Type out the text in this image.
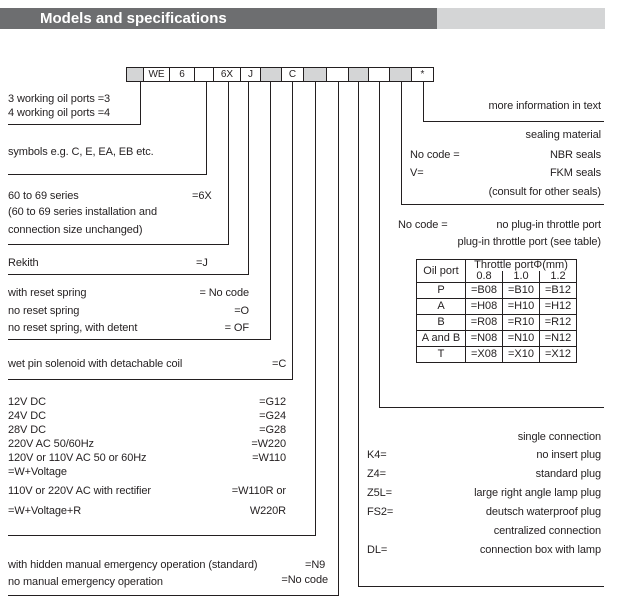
Models and specifications
WE	6	6X	J	C	*
more information in text
sealing material
No code =	NBR seals
V=	FKM seals
(consult for other seals)
No code =	no plug-in throttle port
plug-in throttle port (see table)
Oil port	Throttle portΦ(mm)		
	0.8	1.0	1.2
P	=B08	=B10	=B12
A	=H08	=H10	=H12
B	=R08	=R10	=R12
A and B	=N08	=N10	=N12
T	=X08	=X10	=X12
single connection
K4=	no insert plug
Z4=	standard plug
Z5L=	large right angle lamp plug
FS2=	deutsch waterproof plug
centralized connection
DL=	connection box with lamp
3 working oil ports =3
4 working oil ports =4
symbols e.g. C, E, EA, EB etc.
60 to 69 series	=6X
(60 to 69 series installation and
connection size unchanged)
Rekith	=J
with reset spring	= No code
no reset spring	=O
no reset spring, with detent	= OF
wet pin solenoid with detachable coil	=C
12V DC	=G12
24V DC	=G24
28V DC	=G28
220V AC 50/60Hz	=W220
120V or 110V AC 50 or 60Hz	=W110
=W+Voltage
110V or 220V AC with rectifier	=W110R or
=W+Voltage+R	W220R
with hidden manual emergency operation (standard)	=N9
no manual emergency operation	=No code
